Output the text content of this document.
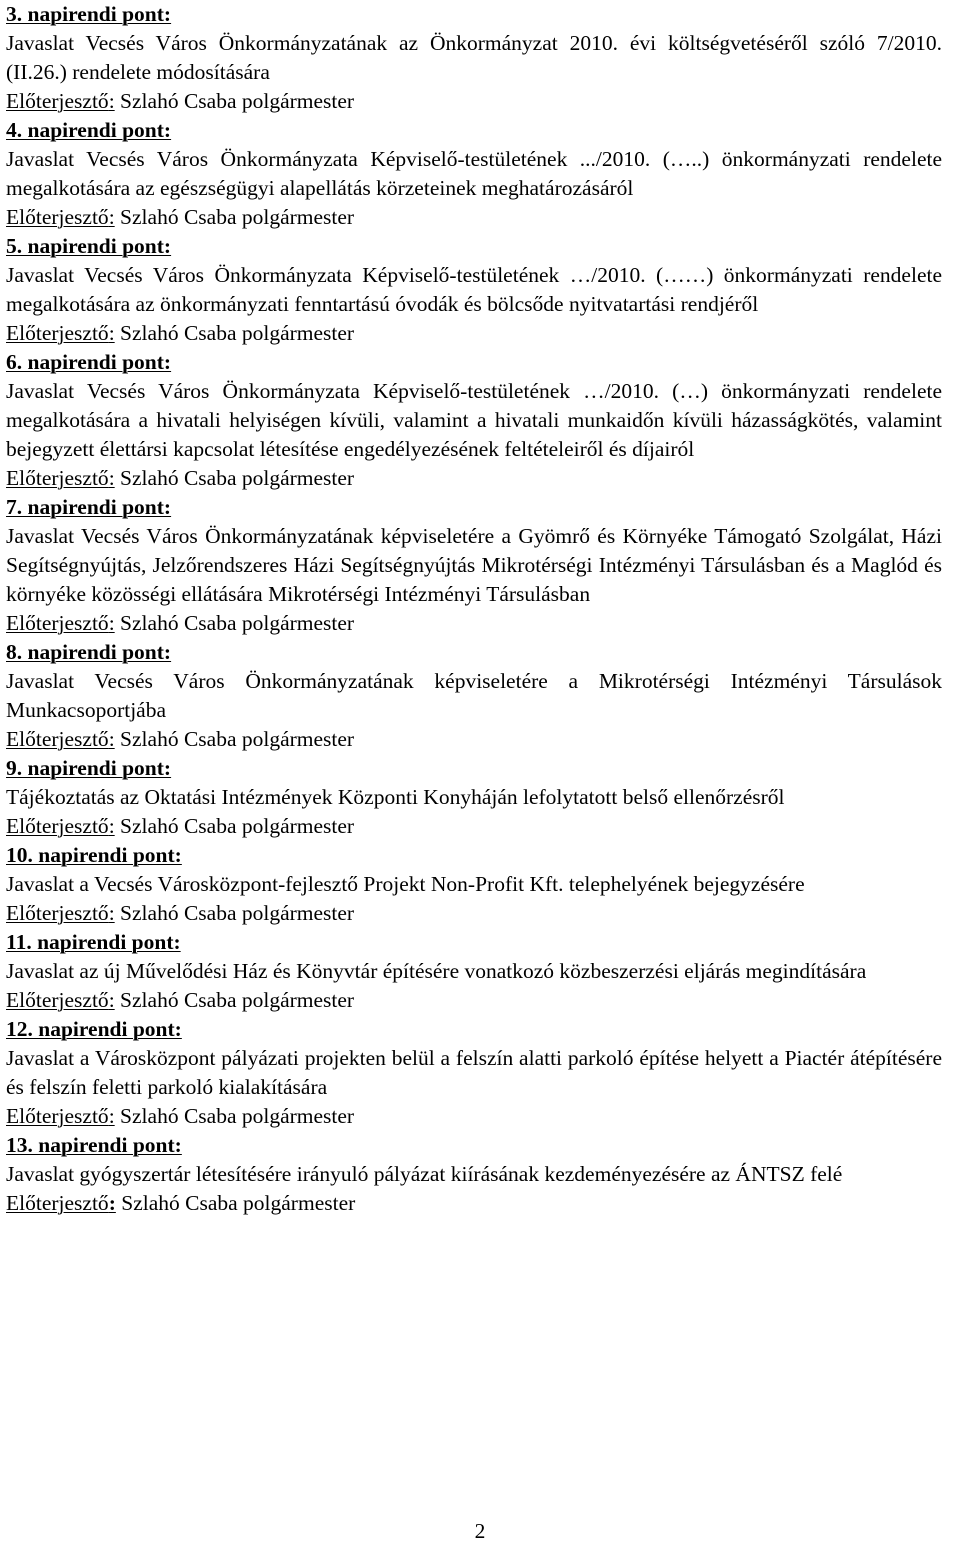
3. napirendi pont:
Javaslat Vecsés Város Önkormányzatának az Önkormányzat 2010. évi költségvetéséről szóló 7/2010. (II.26.) rendelete módosítására
Előterjesztő: Szlahó Csaba polgármester
4. napirendi pont:
Javaslat Vecsés Város Önkormányzata Képviselő-testületének .../2010. (…..) önkormányzati rendelete megalkotására az egészségügyi alapellátás körzeteinek meghatározásáról
Előterjesztő: Szlahó Csaba polgármester
5. napirendi pont:
Javaslat Vecsés Város Önkormányzata Képviselő-testületének …/2010. (……) önkormányzati rendelete megalkotására az önkormányzati fenntartású óvodák és bölcsőde nyitvatartási rendjéről
Előterjesztő: Szlahó Csaba polgármester
6. napirendi pont:
Javaslat Vecsés Város Önkormányzata Képviselő-testületének …/2010. (…) önkormányzati rendelete megalkotására a hivatali helyiségen kívüli, valamint a hivatali munkaidőn kívüli házasságkötés, valamint bejegyzett élettársi kapcsolat létesítése engedélyezésének feltételeiről és díjairól
Előterjesztő: Szlahó Csaba polgármester
7. napirendi pont:
Javaslat Vecsés Város Önkormányzatának képviseletére a Gyömrő és Környéke Támogató Szolgálat, Házi Segítségnyújtás, Jelzőrendszeres Házi Segítségnyújtás Mikrotérségi Intézményi Társulásban és a Maglód és környéke közösségi ellátására Mikrotérségi Intézményi Társulásban
Előterjesztő: Szlahó Csaba polgármester
8. napirendi pont:
Javaslat Vecsés Város Önkormányzatának képviseletére a Mikrotérségi Intézményi Társulások Munkacsoportjába
Előterjesztő: Szlahó Csaba polgármester
9. napirendi pont:
Tájékoztatás az Oktatási Intézmények Központi Konyháján lefolytatott belső ellenőrzésről
Előterjesztő: Szlahó Csaba polgármester
10. napirendi pont:
Javaslat a Vecsés Városközpont-fejlesztő Projekt Non-Profit Kft. telephelyének bejegyzésére
Előterjesztő: Szlahó Csaba polgármester
11. napirendi pont:
Javaslat az új Művelődési Ház és Könyvtár építésére vonatkozó közbeszerzési eljárás megindítására
Előterjesztő: Szlahó Csaba polgármester
12. napirendi pont:
Javaslat a Városközpont pályázati projekten belül a felszín alatti parkoló építése helyett a Piactér átépítésére és felszín feletti parkoló kialakítására
Előterjesztő: Szlahó Csaba polgármester
13. napirendi pont:
Javaslat gyógyszertár létesítésére irányuló pályázat kiírásának kezdeményezésére az ÁNTSZ felé
Előterjesztő: Szlahó Csaba polgármester
2
